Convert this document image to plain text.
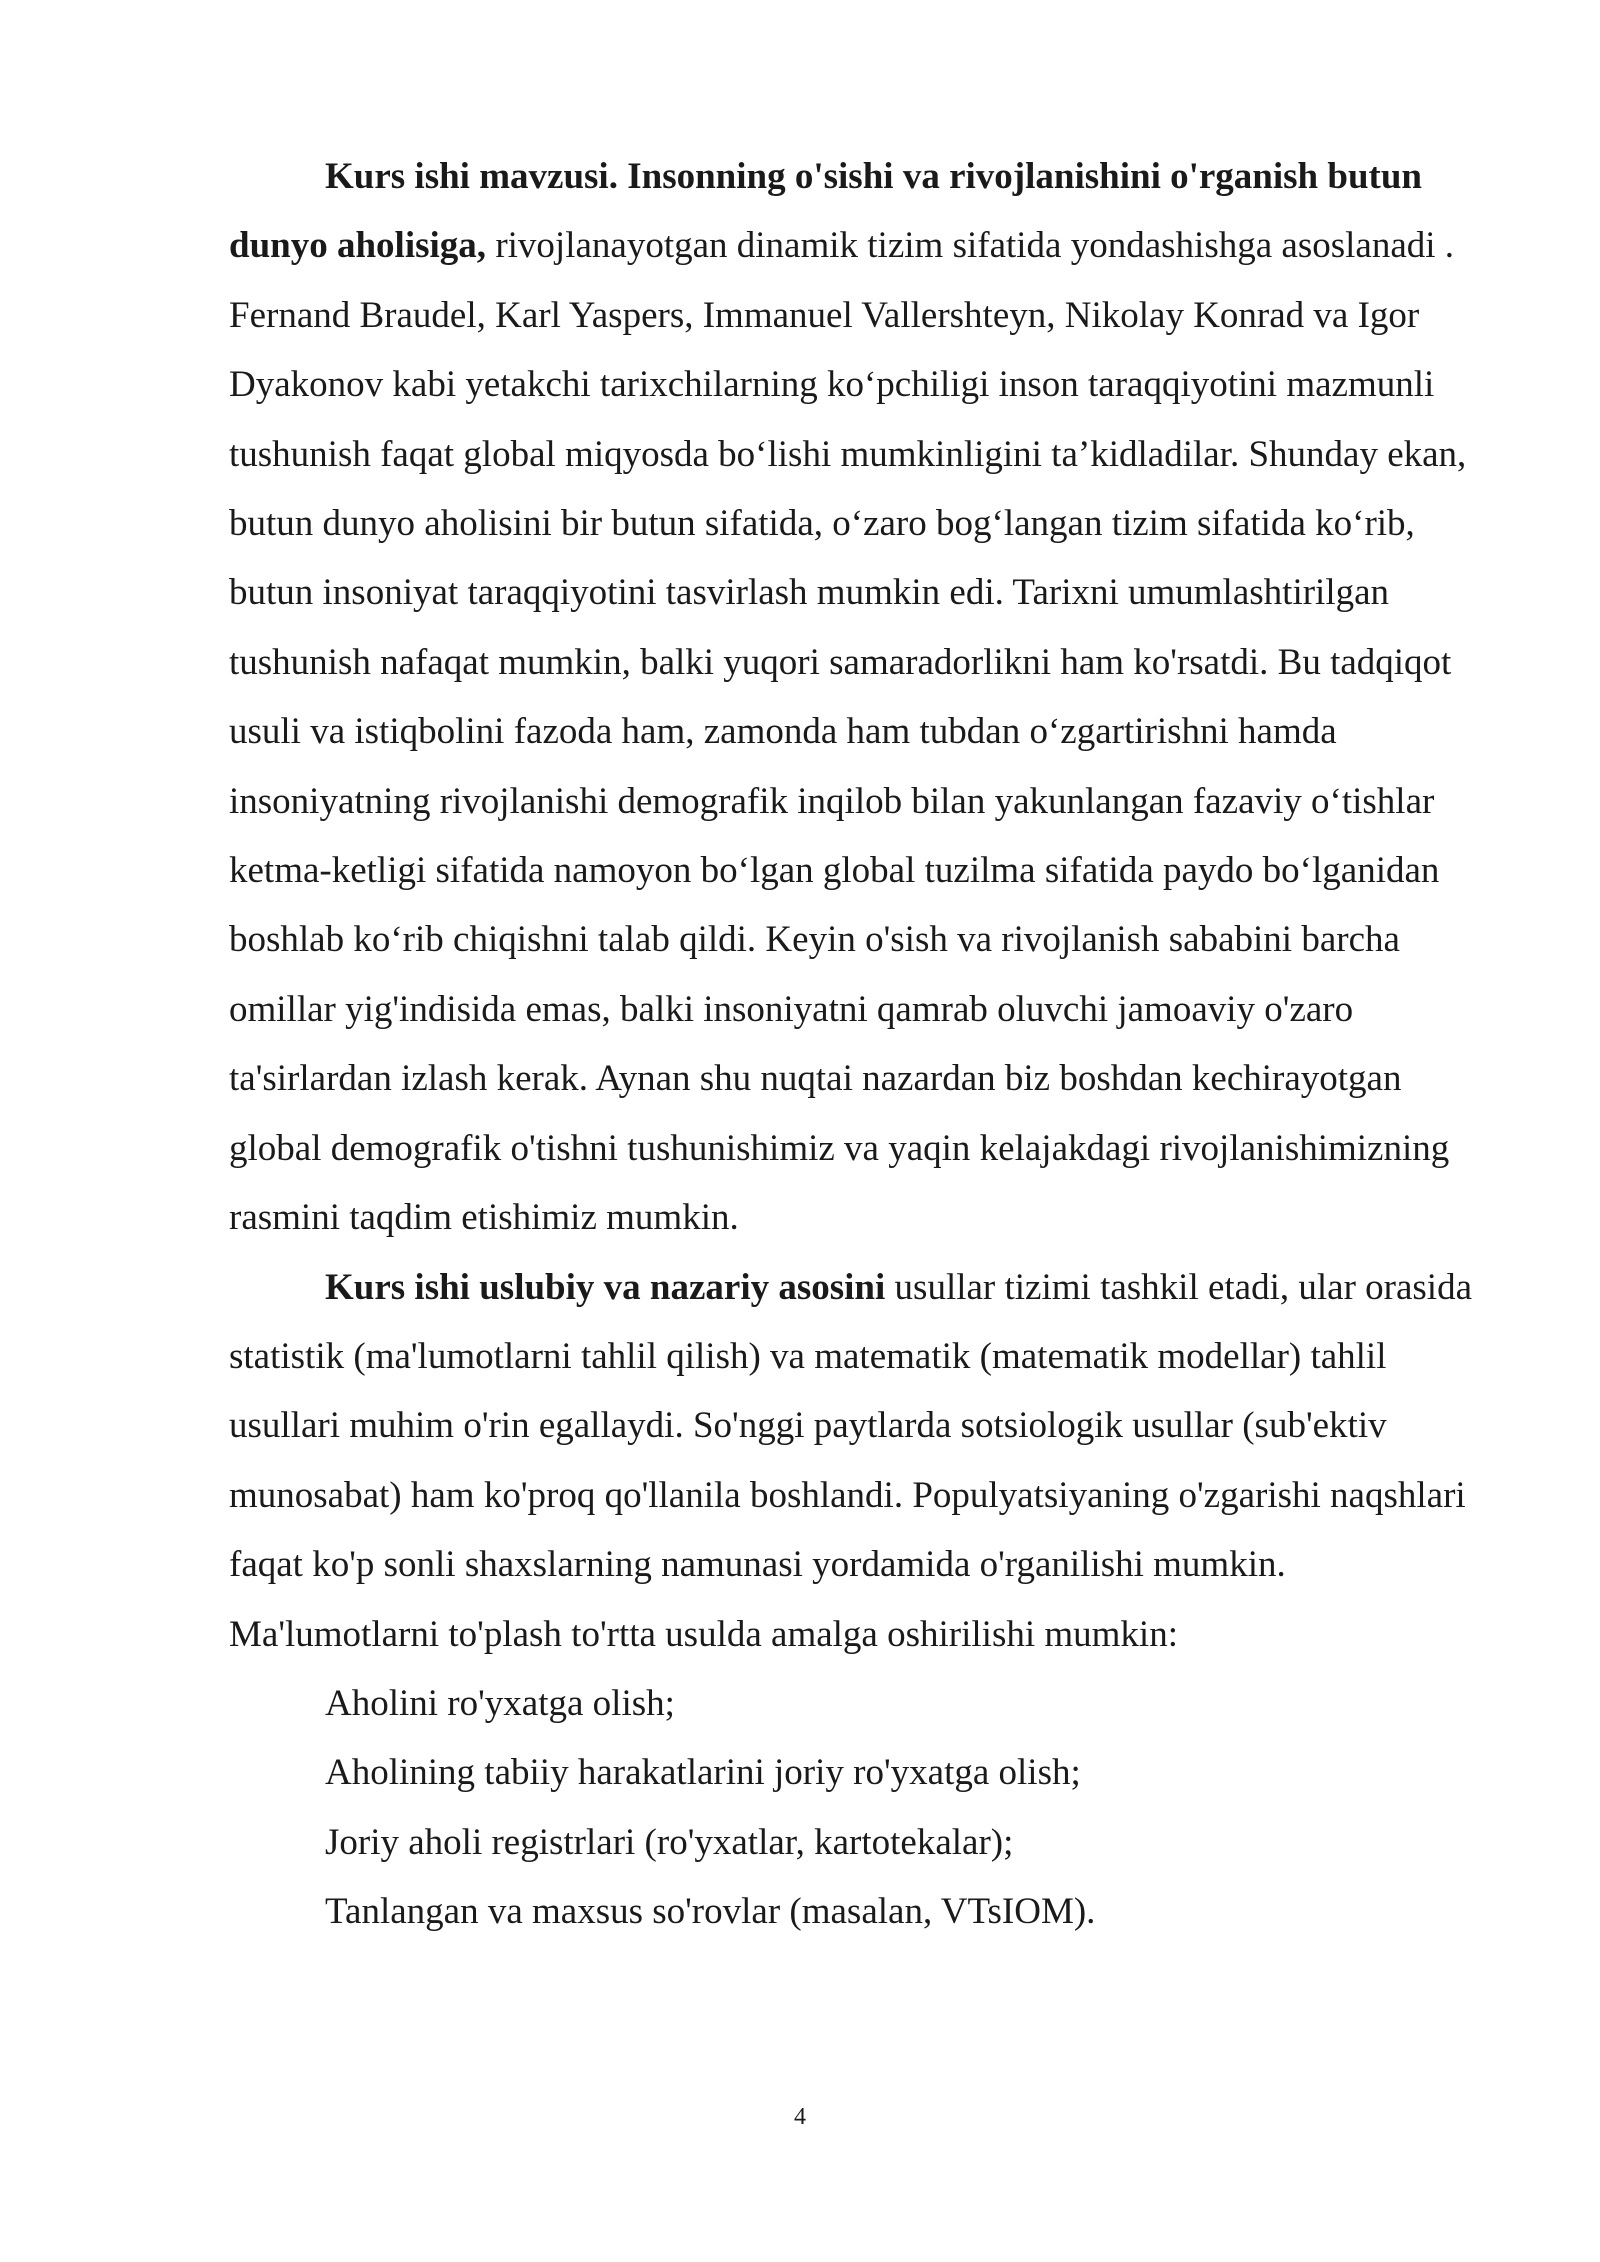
Kurs ishi mavzusi. Insonning o'sishi va rivojlanishini o'rganish butun dunyo aholisiga, rivojlanayotgan dinamik tizim sifatida yondashishga asoslanadi . Fernand Braudel, Karl Yaspers, Immanuel Vallershteyn, Nikolay Konrad va Igor Dyakonov kabi yetakchi tarixchilarning ko‘pchiligi inson taraqqiyotini mazmunli tushunish faqat global miqyosda bo‘lishi mumkinligini ta’kidladilar. Shunday ekan, butun dunyo aholisini bir butun sifatida, o‘zaro bog‘langan tizim sifatida ko‘rib, butun insoniyat taraqqiyotini tasvirlash mumkin edi. Tarixni umumlashtirilgan tushunish nafaqat mumkin, balki yuqori samaradorlikni ham ko'rsatdi. Bu tadqiqot usuli va istiqbolini fazoda ham, zamonda ham tubdan o‘zgartirishni hamda insoniyatning rivojlanishi demografik inqilob bilan yakunlangan fazaviy o‘tishlar ketma-ketligi sifatida namoyon bo‘lgan global tuzilma sifatida paydo bo‘lganidan boshlab ko‘rib chiqishni talab qildi. Keyin o'sish va rivojlanish sababini barcha omillar yig'indisida emas, balki insoniyatni qamrab oluvchi jamoaviy o'zaro ta'sirlardan izlash kerak. Aynan shu nuqtai nazardan biz boshdan kechirayotgan global demografik o'tishni tushunishimiz va yaqin kelajakdagi rivojlanishimizning rasmini taqdim etishimiz mumkin.

Kurs ishi uslubiy va nazariy asosini usullar tizimi tashkil etadi, ular orasida statistik (ma'lumotlarni tahlil qilish) va matematik (matematik modellar) tahlil usullari muhim o'rin egallaydi. So'nggi paytlarda sotsiologik usullar (sub'ektiv munosabat) ham ko'proq qo'llanila boshlandi. Populyatsiyaning o'zgarishi naqshlari faqat ko'p sonli shaxslarning namunasi yordamida o'rganilishi mumkin. Ma'lumotlarni to'plash to'rtta usulda amalga oshirilishi mumkin:

Aholini ro'yxatga olish;
Aholining tabiiy harakatlarini joriy ro'yxatga olish;
Joriy aholi registrlari (ro'yxatlar, kartotekalar);
Tanlangan va maxsus so'rovlar (masalan, VTsIOM).
4
